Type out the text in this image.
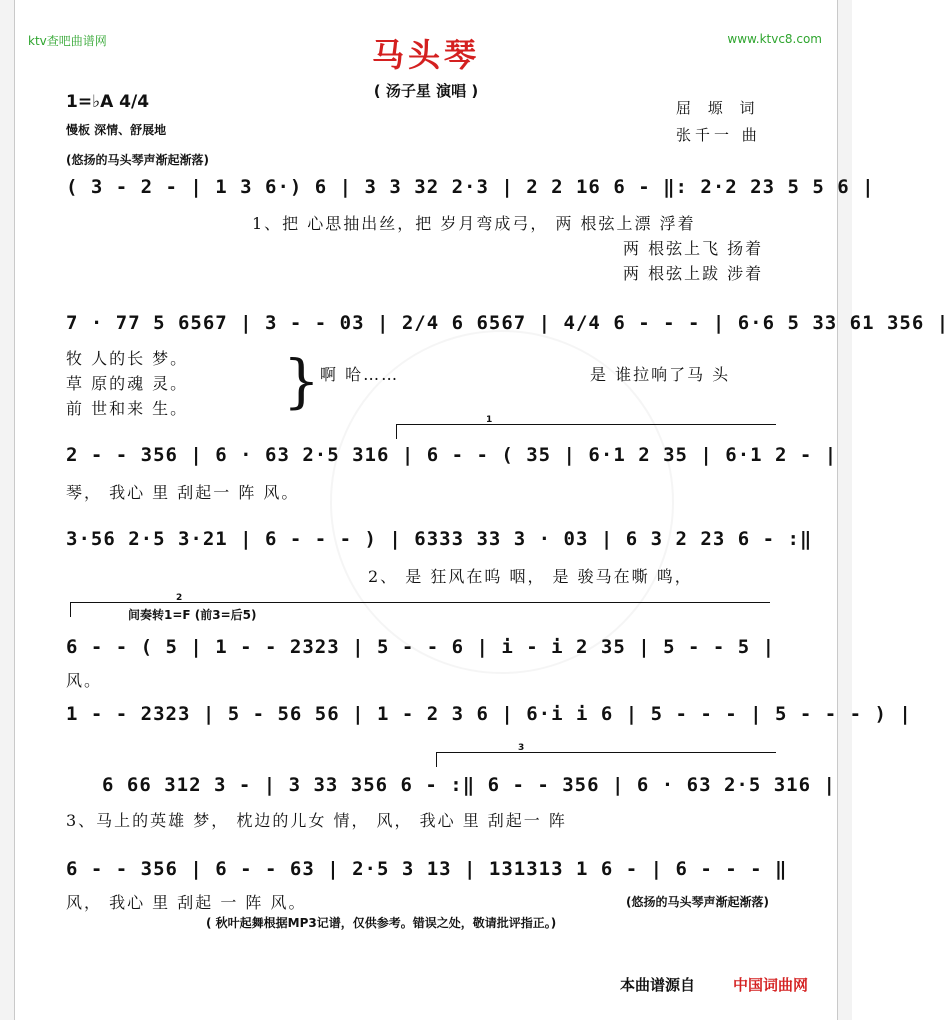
ktv查吧曲谱网	www.ktvc8.com
马头琴
( 汤子星 演唱 )
1=♭A 4/4
慢板 深情、舒展地
屈 塬 词
张千一 曲
(悠扬的马头琴声渐起渐落)
( 3 - 2 - | 1 3 6·) 6 | 3 3 32 2·3 | 2 2 16 6 - ‖: 2·2 23 5 5 6 |
1、把 心思抽出丝，把 岁月弯成弓， 两 根弦上漂 浮着
两 根弦上飞 扬着
两 根弦上跋 涉着
7 · 77 5 6567 | 3 - - 03 | 2/4 6 6567 | 4/4 6 - - - | 6·6 5 33 61 356 |
牧 人的长 梦。
草 原的魂 灵。
前 世和来 生。 } 啊 哈……	是 谁拉响了马 头
1
2 - - 356 | 6 · 63 2·5 316 | 6 - - ( 35 | 6·1 2 35 | 6·1 2 - |
琴， 我心 里 刮起一 阵 风。
3·56 2·5 3·21 | 6 - - - ) | 6333 33 3 · 03 | 6 3 2 23 6 - :‖
2、 是 狂风在呜 咽， 是 骏马在嘶 鸣，
2
间奏转1=F (前3=后5)
6 - - ( 5 | 1 - - 2323 | 5 - - 6 | i - i 2 35 | 5 - - 5 |
风。
1 - - 2323 | 5 - 56 56 | 1 - 2 3 6 | 6·i i 6 | 5 - - - | 5 - - - ) |
3
6 66 312 3 - | 3 33 356 6 - :‖ 6 - - 356 | 6 · 63 2·5 316 |
3、马上的英雄 梦， 枕边的儿女 情， 风， 我心 里 刮起一 阵
6 - - 356 | 6 - - 63 | 2·5 3 13 | 131313 1 6 - | 6 - - - ‖
风， 我心 里 刮起 一 阵 风。	(悠扬的马头琴声渐起渐落)
( 秋叶起舞根据MP3记谱，仅供参考。错误之处，敬请批评指正。)
本曲谱源自	中国词曲网
